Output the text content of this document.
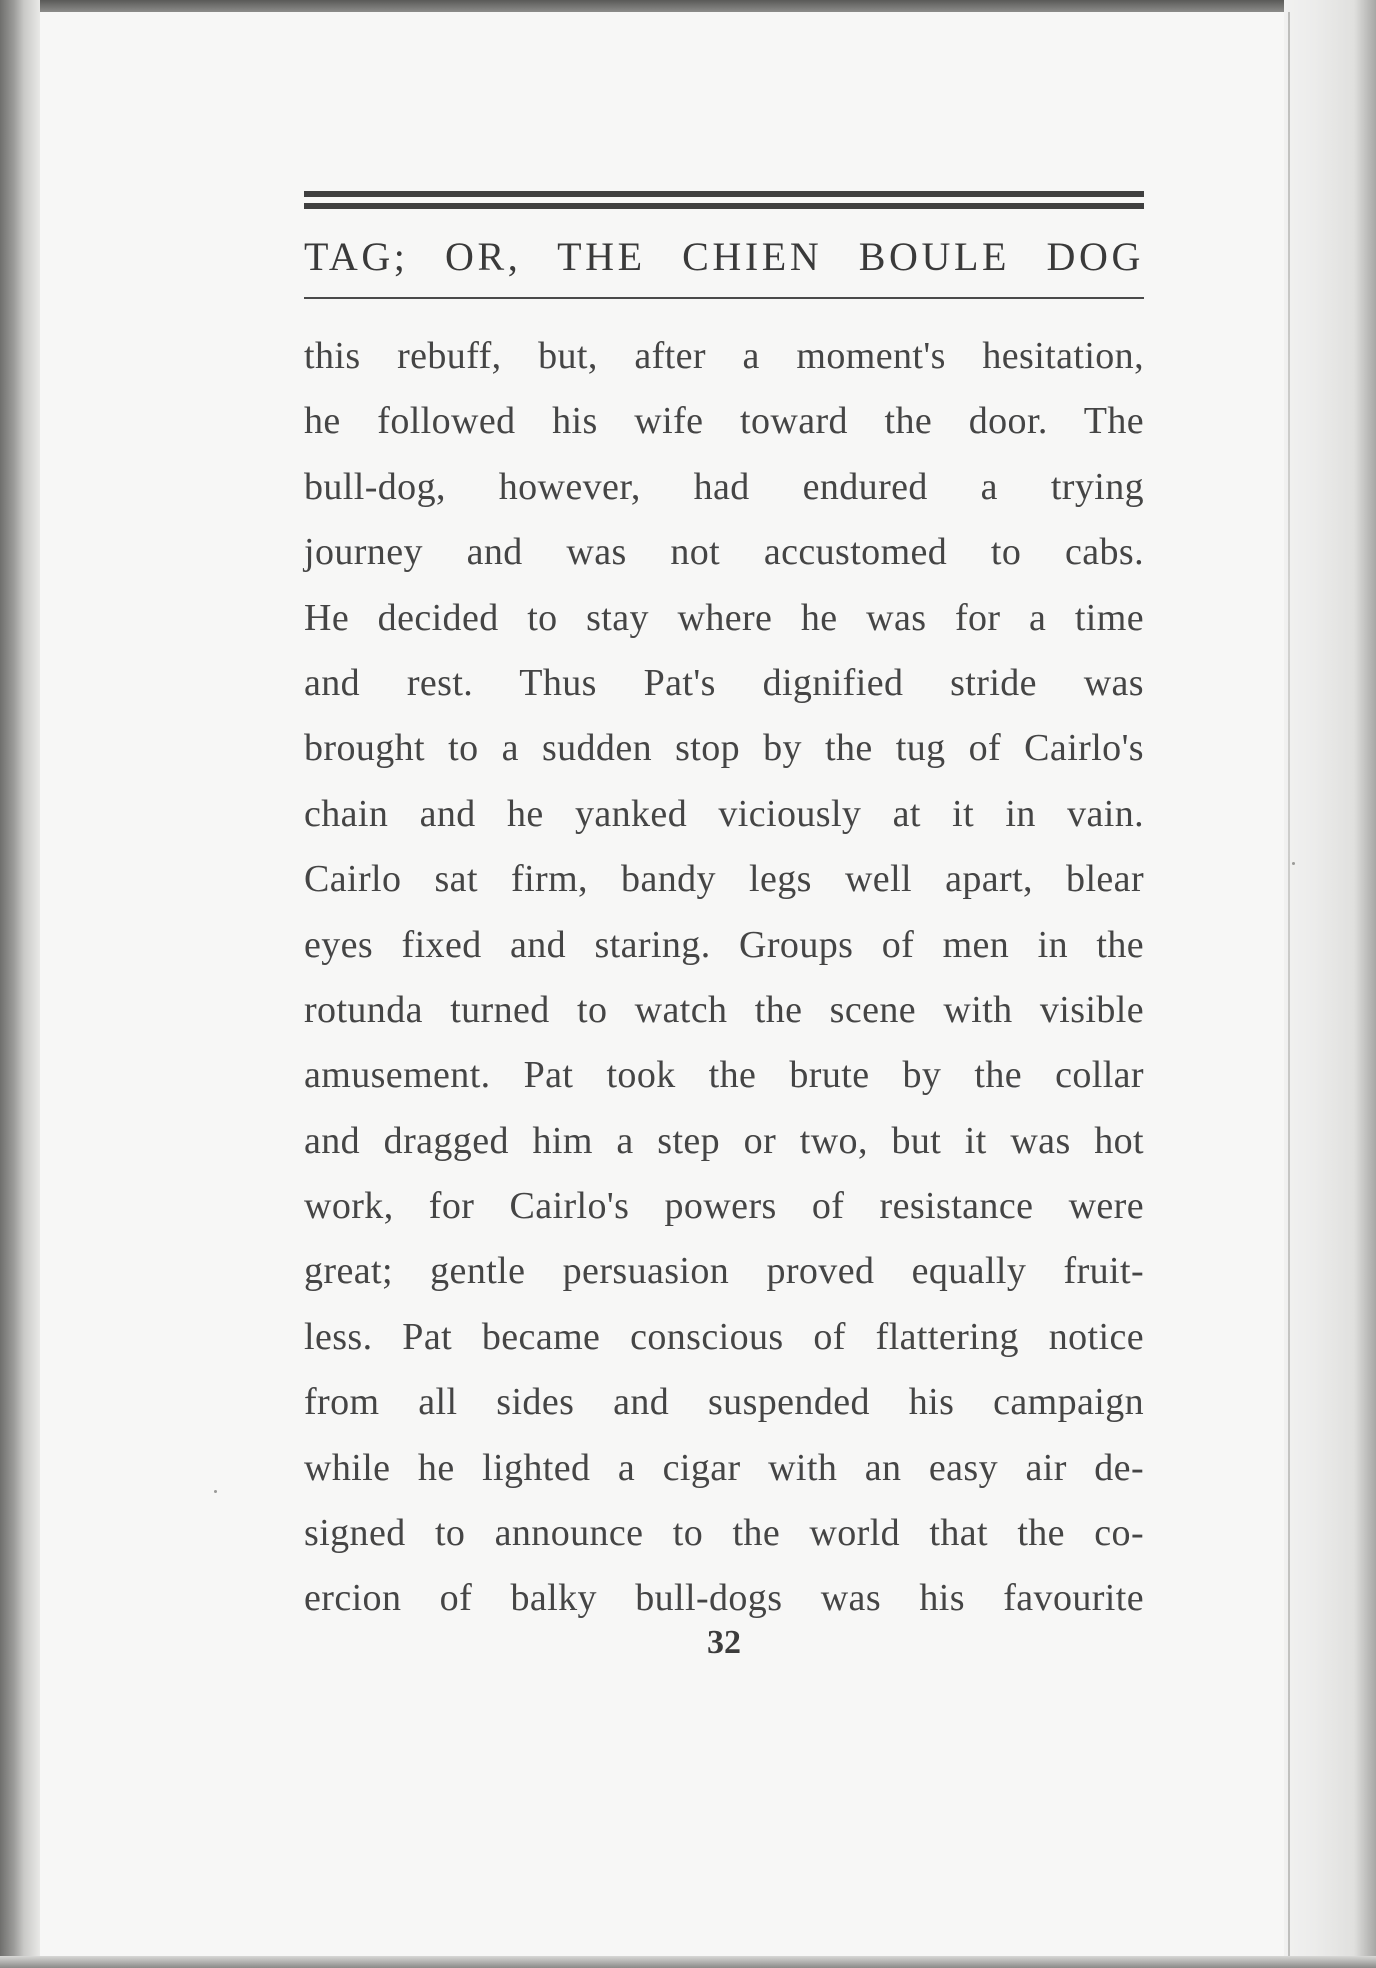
TAG; OR, THE CHIEN BOULE DOG
this rebuff, but, after a moment's hesitation,
he followed his wife toward the door. The
bull-dog, however, had endured a trying
journey and was not accustomed to cabs.
He decided to stay where he was for a time
and rest. Thus Pat's dignified stride was
brought to a sudden stop by the tug of Cairlo's
chain and he yanked viciously at it in vain.
Cairlo sat firm, bandy legs well apart, blear
eyes fixed and staring. Groups of men in the
rotunda turned to watch the scene with visible
amusement. Pat took the brute by the collar
and dragged him a step or two, but it was hot
work, for Cairlo's powers of resistance were
great; gentle persuasion proved equally fruit-
less. Pat became conscious of flattering notice
from all sides and suspended his campaign
while he lighted a cigar with an easy air de-
signed to announce to the world that the co-
ercion of balky bull-dogs was his favourite

32
